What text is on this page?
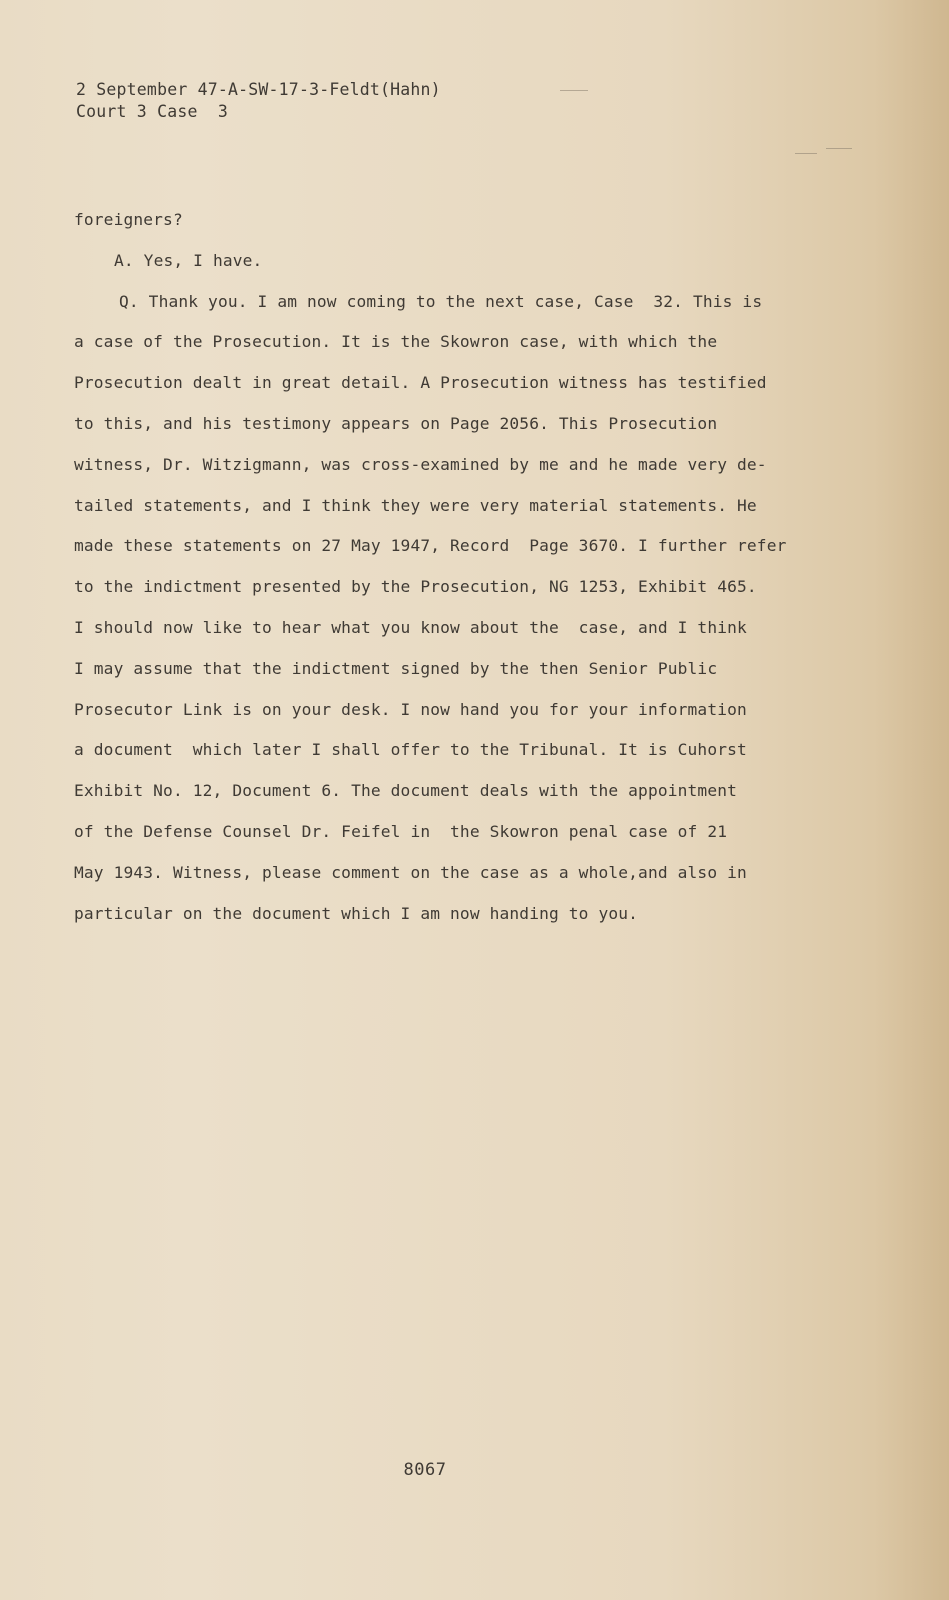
2 September 47-A-SW-17-3-Feldt(Hahn)
Court 3 Case  3
foreigners?
A. Yes, I have.
Q. Thank you. I am now coming to the next case, Case  32. This is
a case of the Prosecution. It is the Skowron case, with which the
Prosecution dealt in great detail. A Prosecution witness has testified
to this, and his testimony appears on Page 2056. This Prosecution
witness, Dr. Witzigmann, was cross-examined by me and he made very de-
tailed statements, and I think they were very material statements. He
made these statements on 27 May 1947, Record  Page 3670. I further refer
to the indictment presented by the Prosecution, NG 1253, Exhibit 465.
I should now like to hear what you know about the  case, and I think
I may assume that the indictment signed by the then Senior Public
Prosecutor Link is on your desk. I now hand you for your information
a document  which later I shall offer to the Tribunal. It is Cuhorst
Exhibit No. 12, Document 6. The document deals with the appointment
of the Defense Counsel Dr. Feifel in  the Skowron penal case of 21
May 1943. Witness, please comment on the case as a whole,and also in
particular on the document which I am now handing to you.
8067
